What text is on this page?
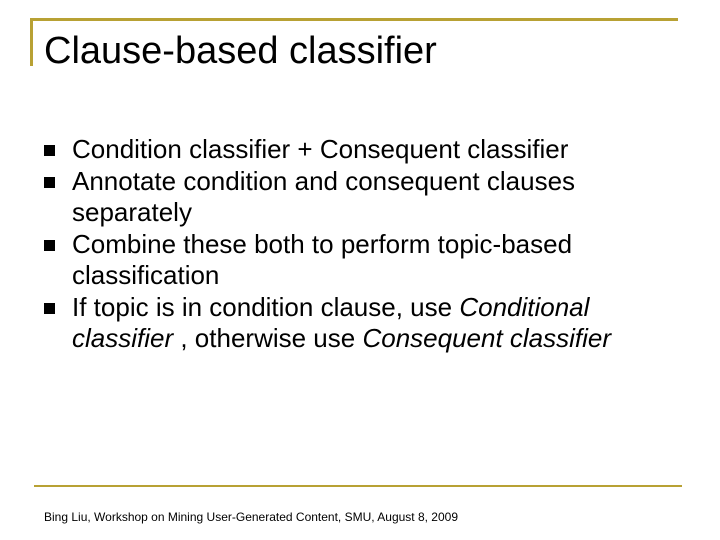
Clause-based classifier
Condition classifier + Consequent classifier
Annotate condition and consequent clauses separately
Combine these both to perform topic-based classification
If topic is in condition clause, use Conditional classifier , otherwise use Consequent classifier
Bing Liu, Workshop on Mining User-Generated Content, SMU, August 8, 2009
